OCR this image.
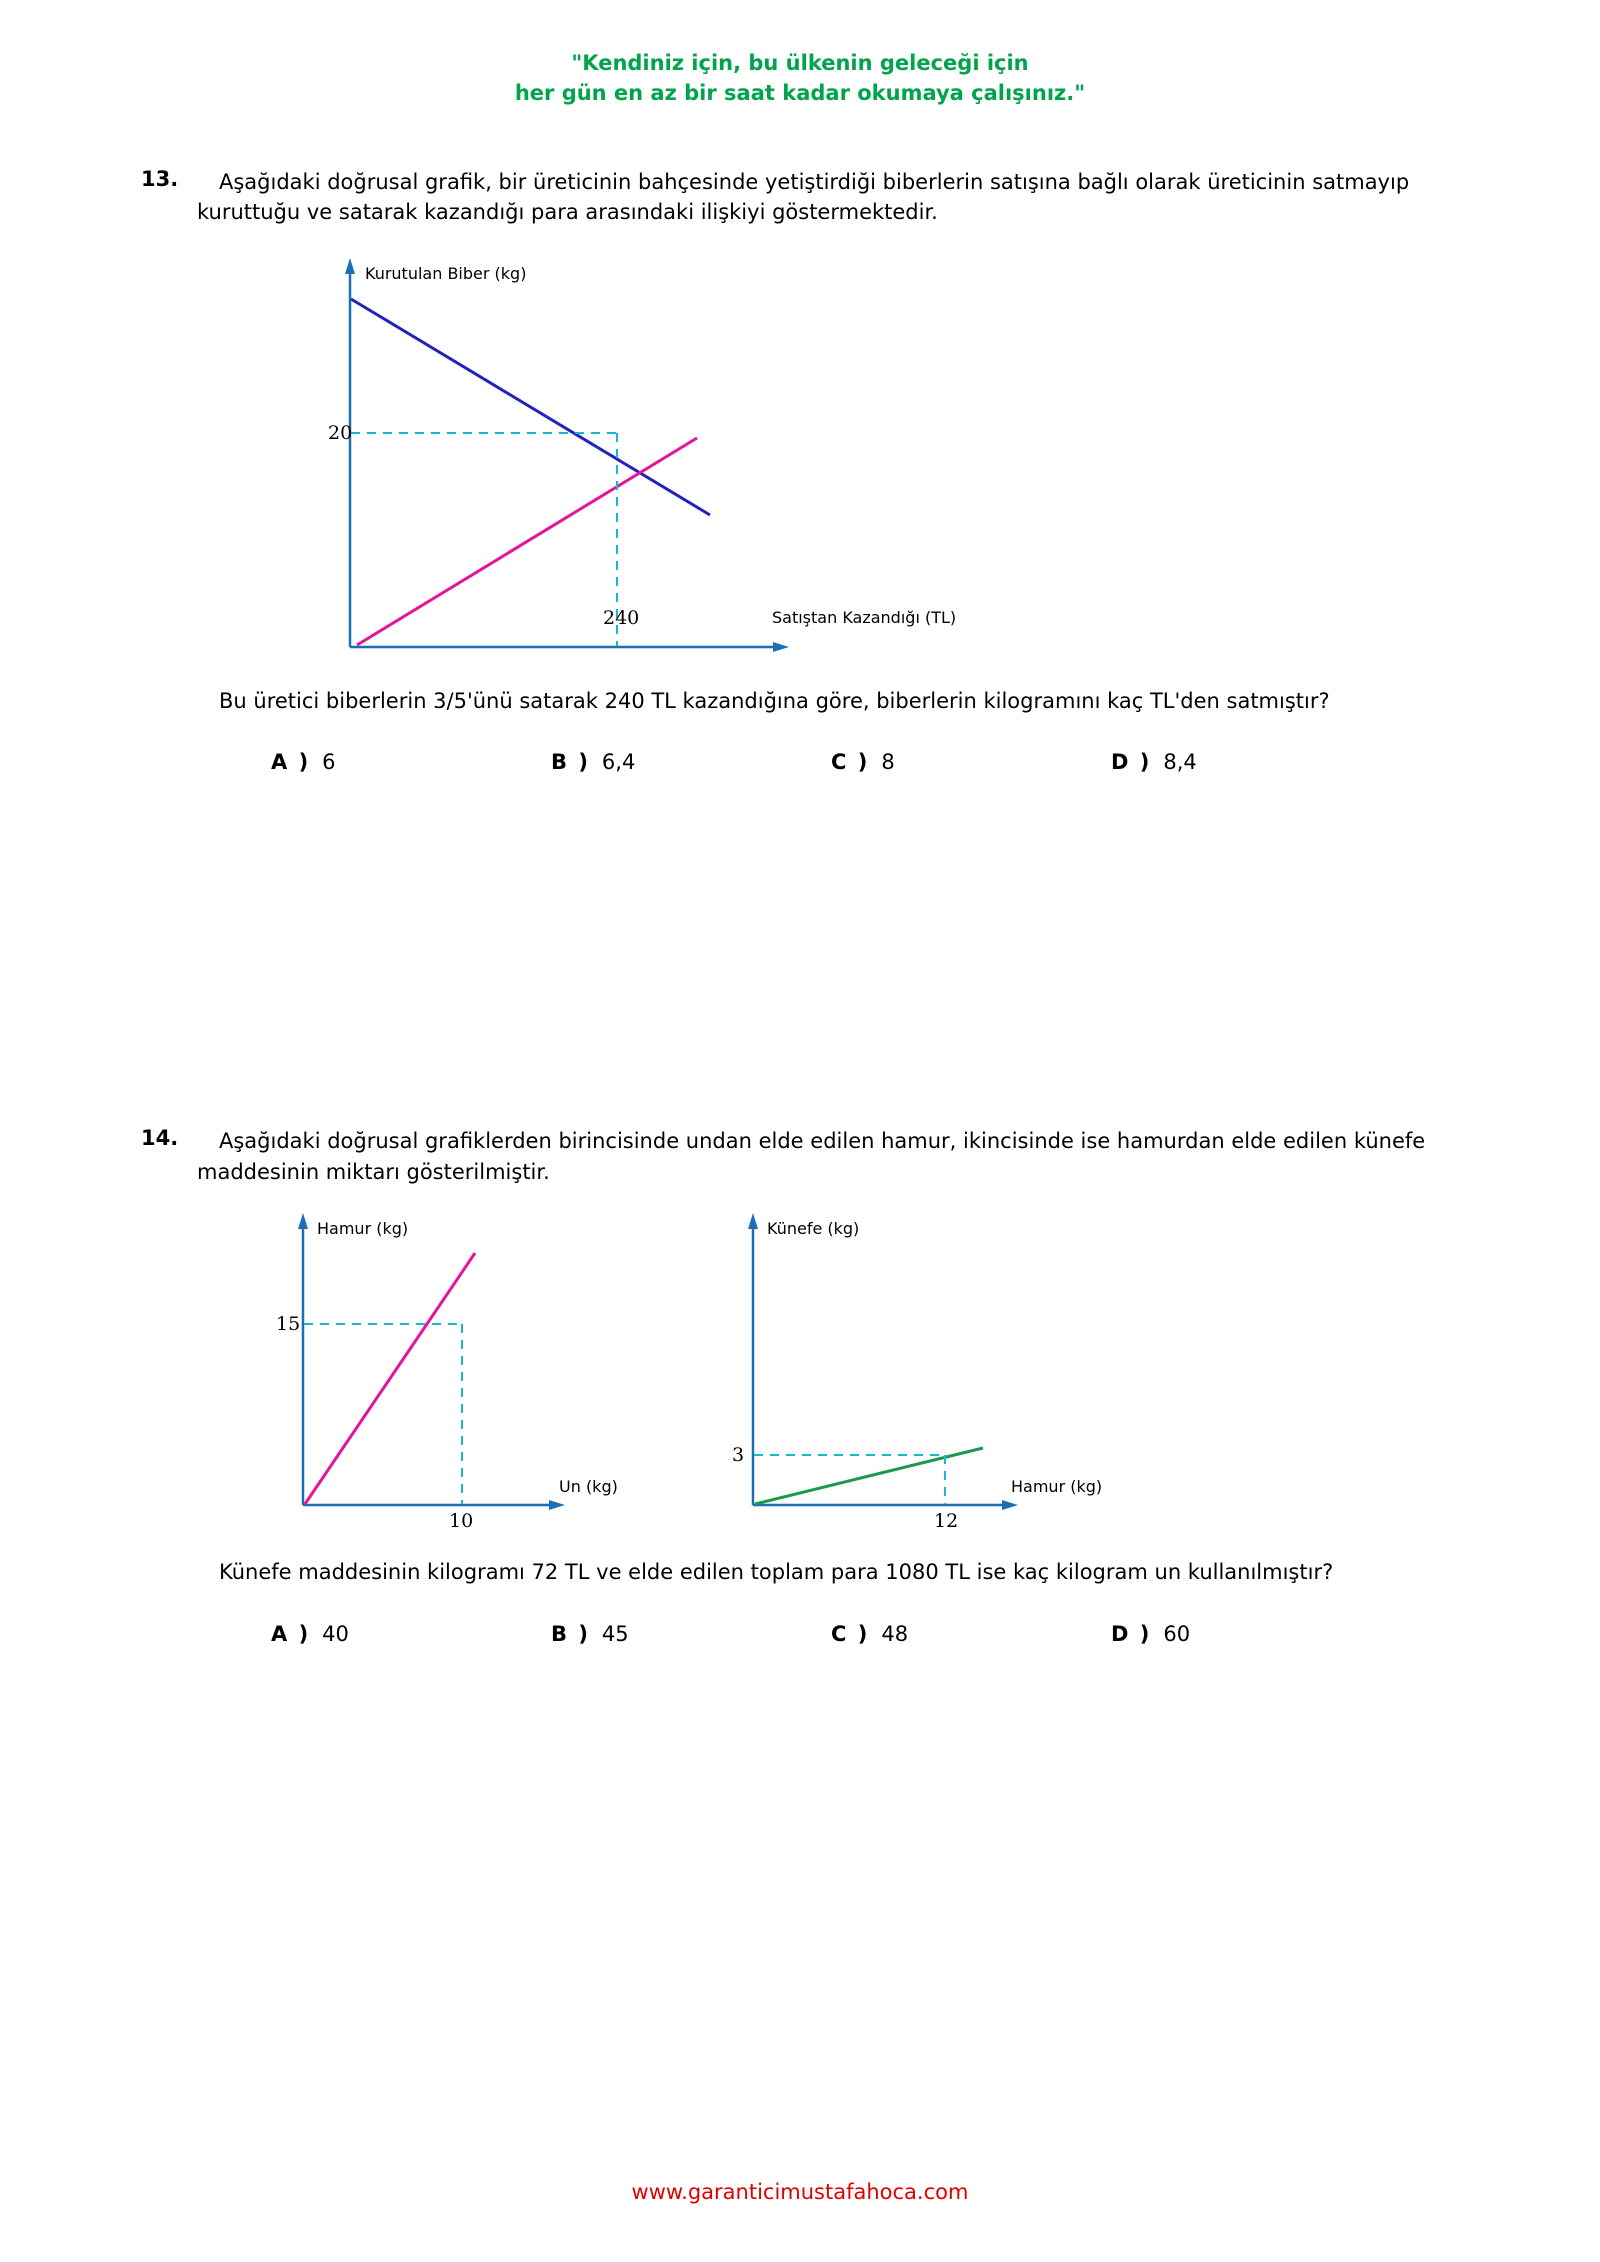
"Kendiniz için, bu ülkenin geleceği için
her gün en az bir saat kadar okumaya çalışınız."
13.	Aşağıdaki doğrusal grafik, bir üreticinin bahçesinde yetiştirdiği biberlerin satışına bağlı olarak üreticinin satmayıp kuruttuğu ve satarak kazandığı para arasındaki ilişkiyi göstermektedir.
Kurutulan Biber (kg)
Satıştan Kazandığı (TL)
20
240
Bu üretici biberlerin 3/5'ünü satarak 240 TL kazandığına göre, biberlerin kilogramını kaç TL'den satmıştır?
A ) 6	B ) 6,4	C ) 8	D ) 8,4
14.	Aşağıdaki doğrusal grafiklerden birincisinde undan elde edilen hamur, ikincisinde ise hamurdan elde edilen künefe maddesinin miktarı gösterilmiştir.
Hamur (kg)
Un (kg)
15
10
Künefe (kg)
Hamur (kg)
3
12
Künefe maddesinin kilogramı 72 TL ve elde edilen toplam para 1080 TL ise kaç kilogram un kullanılmıştır?
A ) 40	B ) 45	C ) 48	D ) 60
www.garanticimustafahoca.com
